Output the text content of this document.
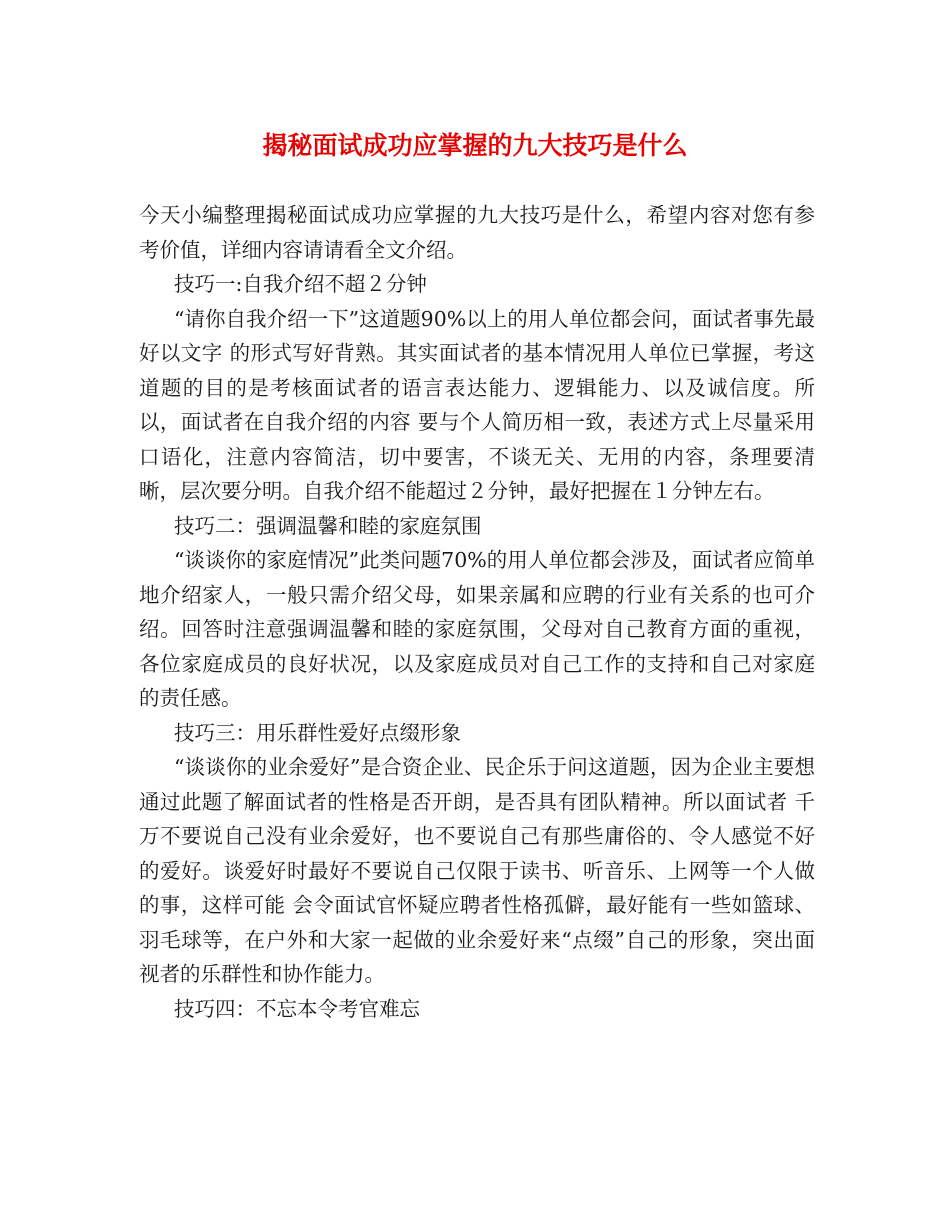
揭秘面试成功应掌握的九大技巧是什么

今天小编整理揭秘面试成功应掌握的九大技巧是什么，希望内容对您有参考价值，详细内容请请看全文介绍。

技巧一:自我介绍不超２分钟

“请你自我介绍一下”这道题90%以上的用人单位都会问，面试者事先最好以文字 的形式写好背熟。其实面试者的基本情况用人单位已掌握，考这道题的目的是考核面试者的语言表达能力、逻辑能力、以及诚信度。所以，面试者在自我介绍的内容 要与个人简历相一致，表述方式上尽量采用口语化，注意内容简洁，切中要害，不谈无关、无用的内容，条理要清晰，层次要分明。自我介绍不能超过２分钟，最好把握在１分钟左右。

技巧二：强调温馨和睦的家庭氛围

“谈谈你的家庭情况”此类问题70%的用人单位都会涉及，面试者应简单地介绍家人，一般只需介绍父母，如果亲属和应聘的行业有关系的也可介绍。回答时注意强调温馨和睦的家庭氛围，父母对自己教育方面的重视，各位家庭成员的良好状况，以及家庭成员对自己工作的支持和自己对家庭的责任感。

技巧三：用乐群性爱好点缀形象

“谈谈你的业余爱好”是合资企业、民企乐于问这道题，因为企业主要想通过此题了解面试者的性格是否开朗，是否具有团队精神。所以面试者 千万不要说自己没有业余爱好，也不要说自己有那些庸俗的、令人感觉不好的爱好。谈爱好时最好不要说自己仅限于读书、听音乐、上网等一个人做的事，这样可能 会令面试官怀疑应聘者性格孤僻，最好能有一些如篮球、羽毛球等，在户外和大家一起做的业余爱好来“点缀”自己的形象，突出面视者的乐群性和协作能力。

技巧四：不忘本令考官难忘
